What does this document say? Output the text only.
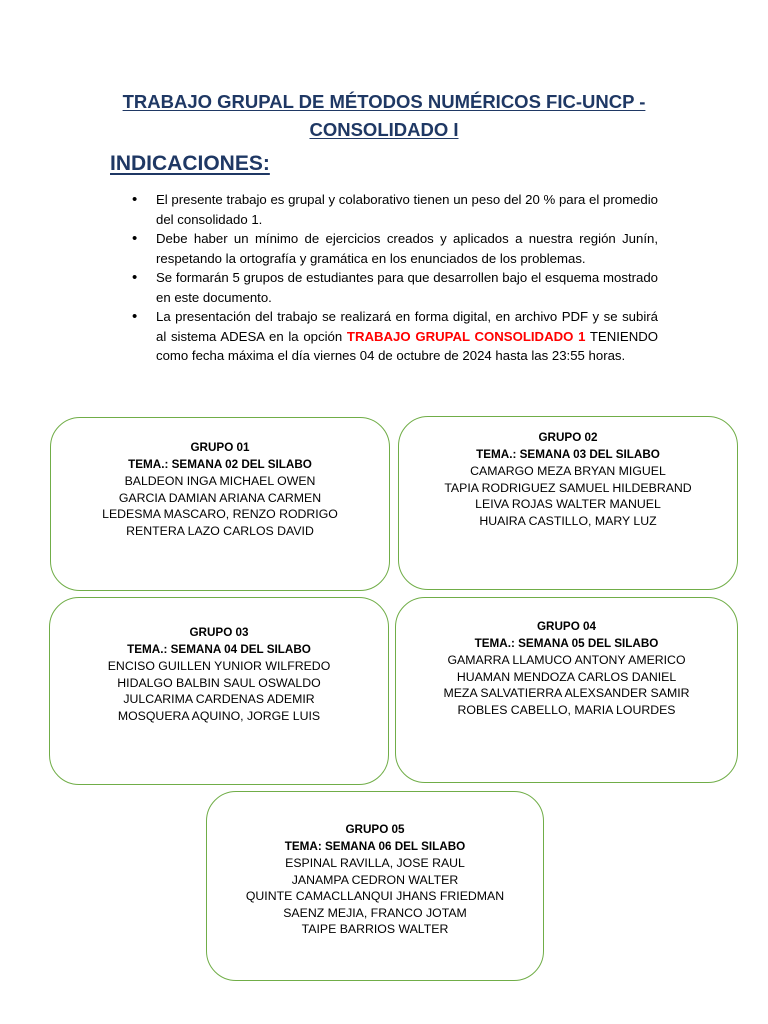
TRABAJO GRUPAL DE MÉTODOS NUMÉRICOS FIC-UNCP -
CONSOLIDADO I
INDICACIONES:
• El presente trabajo es grupal y colaborativo tienen un peso del 20 % para el promedio del consolidado 1.
• Debe haber un mínimo de ejercicios creados y aplicados a nuestra región Junín, respetando la ortografía y gramática en los enunciados de los problemas.
• Se formarán 5 grupos de estudiantes para que desarrollen bajo el esquema mostrado en este documento.
• La presentación del trabajo se realizará en forma digital, en archivo PDF y se subirá al sistema ADESA en la opción TRABAJO GRUPAL CONSOLIDADO 1 TENIENDO como fecha máxima el día viernes 04 de octubre de 2024 hasta las 23:55 horas.
GRUPO 01
TEMA.: SEMANA 02 DEL SILABO
BALDEON INGA MICHAEL OWEN
GARCIA DAMIAN ARIANA CARMEN
LEDESMA MASCARO, RENZO RODRIGO
RENTERA LAZO CARLOS DAVID
GRUPO 02
TEMA.: SEMANA 03 DEL SILABO
CAMARGO MEZA BRYAN MIGUEL
TAPIA RODRIGUEZ SAMUEL HILDEBRAND
LEIVA ROJAS WALTER MANUEL
HUAIRA CASTILLO, MARY LUZ
GRUPO 03
TEMA.: SEMANA 04 DEL SILABO
ENCISO GUILLEN YUNIOR WILFREDO
HIDALGO BALBIN SAUL OSWALDO
JULCARIMA CARDENAS ADEMIR
MOSQUERA AQUINO, JORGE LUIS
GRUPO 04
TEMA.: SEMANA 05 DEL SILABO
GAMARRA LLAMUCO ANTONY AMERICO
HUAMAN MENDOZA CARLOS DANIEL
MEZA SALVATIERRA ALEXSANDER SAMIR
ROBLES CABELLO, MARIA LOURDES
GRUPO 05
TEMA: SEMANA 06 DEL SILABO
ESPINAL RAVILLA, JOSE RAUL
JANAMPA CEDRON WALTER
QUINTE CAMACLLANQUI JHANS FRIEDMAN
SAENZ MEJIA, FRANCO JOTAM
TAIPE BARRIOS WALTER
